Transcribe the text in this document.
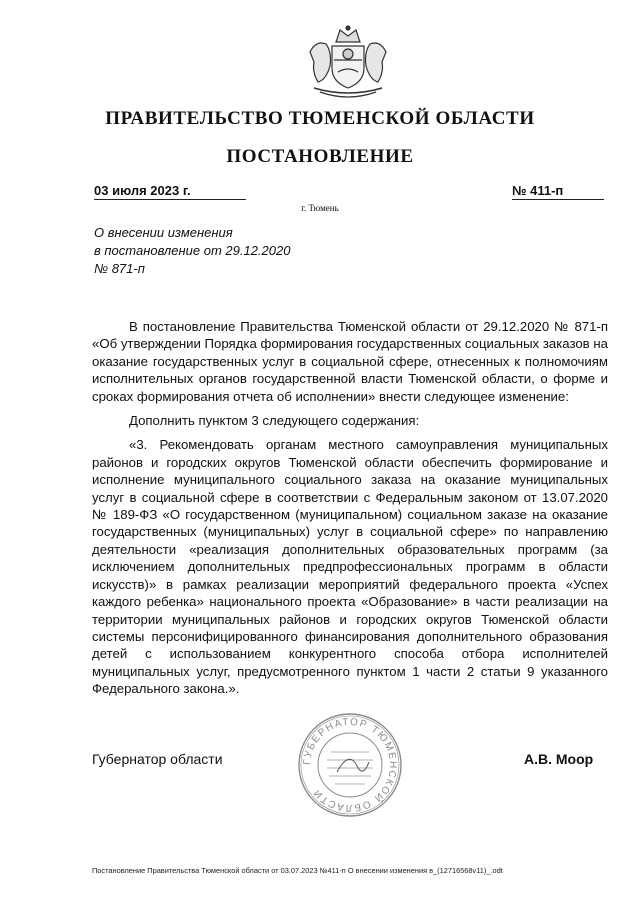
ПРАВИТЕЛЬСТВО ТЮМЕНСКОЙ ОБЛАСТИ
ПОСТАНОВЛЕНИЕ
03 июля 2023 г.	№ 411-п
г. Тюмень
О внесении изменения
в постановление от 29.12.2020
№ 871-п

В постановление Правительства Тюменской области от 29.12.2020 № 871-п «Об утверждении Порядка формирования государственных социальных заказов на оказание государственных услуг в социальной сфере, отнесенных к полномочиям исполнительных органов государственной власти Тюменской области, о форме и сроках формирования отчета об исполнении» внести следующее изменение:

Дополнить пунктом 3 следующего содержания:

«3. Рекомендовать органам местного самоуправления муниципальных районов и городских округов Тюменской области обеспечить формирование и исполнение муниципального социального заказа на оказание муниципальных услуг в социальной сфере в соответствии с Федеральным законом от 13.07.2020 № 189-ФЗ «О государственном (муниципальном) социальном заказе на оказание государственных (муниципальных) услуг в социальной сфере» по направлению деятельности «реализация дополнительных образовательных программ (за исключением дополнительных предпрофессиональных программ в области искусств)» в рамках реализации мероприятий федерального проекта «Успех каждого ребенка» национального проекта «Образование» в части реализации на территории муниципальных районов и городских округов Тюменской области системы персонифицированного финансирования дополнительного образования детей с использованием конкурентного способа отбора исполнителей муниципальных услуг, предусмотренного пунктом 1 части 2 статьи 9 указанного Федерального закона.».

ГУБЕРНАТОР ТЮМЕНСКОЙ ОБЛАСТИ
Губернатор области	А.В. Моор
Постановление Правительства Тюменской области от 03.07.2023 №411-п О внесении изменения в_(12716568v11)_.odt
